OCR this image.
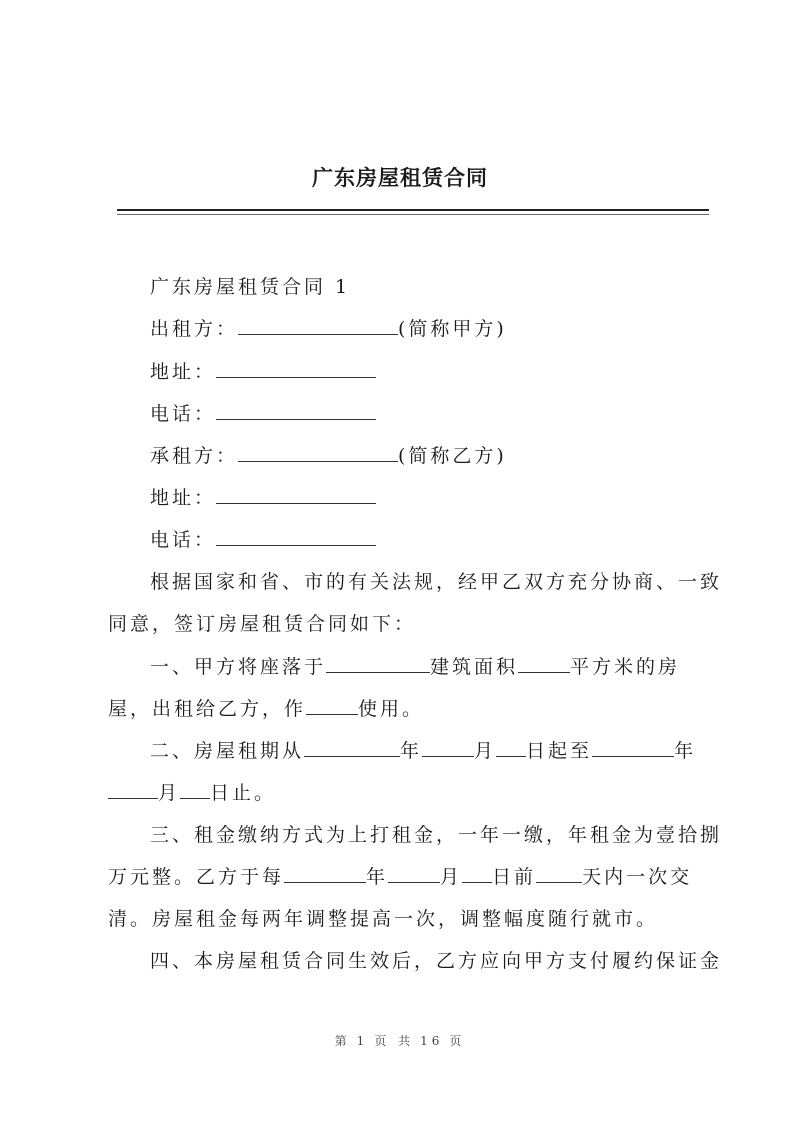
广东房屋租赁合同
广东房屋租赁合同 1
出租方：	(简称甲方)
地址：
电话：
承租方：	(简称乙方)
地址：
电话：
根据国家和省、市的有关法规，经甲乙双方充分协商、一致
同意，签订房屋租赁合同如下：
一、甲方将座落于	建筑面积	平方米的房
屋，出租给乙方，作	使用。
二、房屋租期从	年	月 日起至	年
月 日止。
三、租金缴纳方式为上打租金，一年一缴，年租金为壹拾捌
万元整。乙方于每	年	月 日前 天内一次交
清。房屋租金每两年调整提高一次，调整幅度随行就市。
四、本房屋租赁合同生效后，乙方应向甲方支付履约保证金
第 1 页 共 16 页
